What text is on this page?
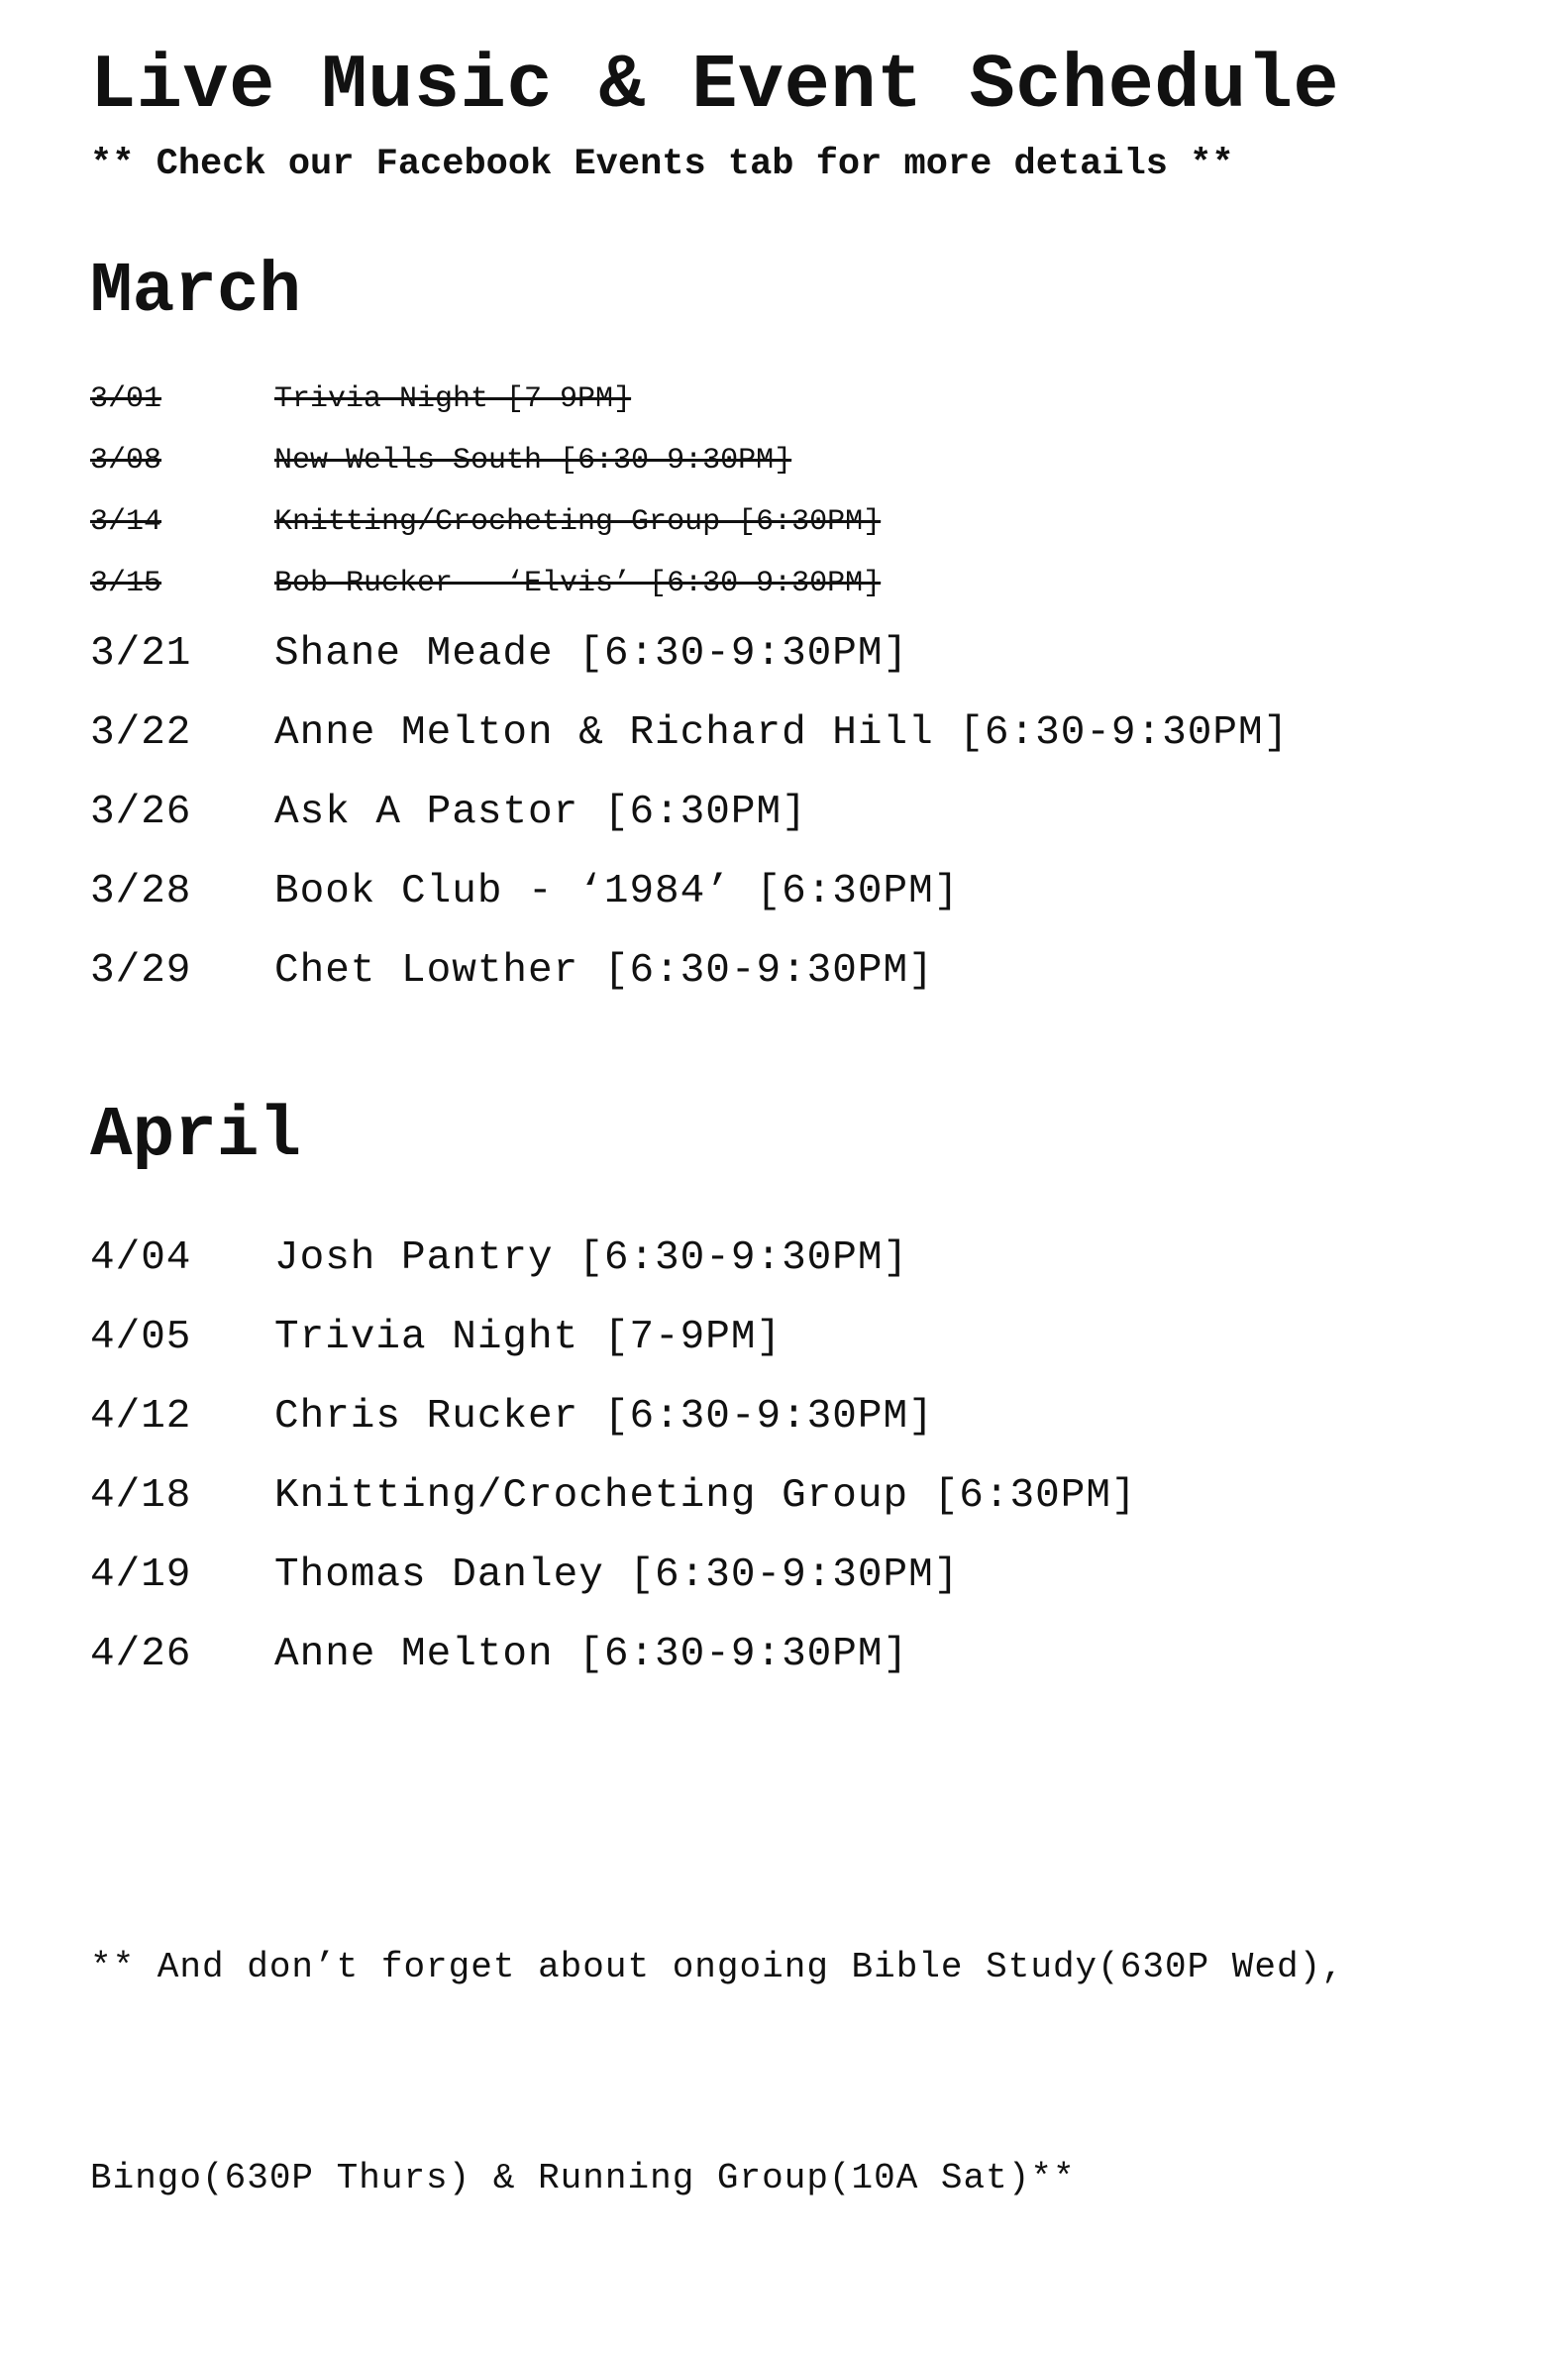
Live Music & Event Schedule

** Check our Facebook Events tab for more details **

March
3/01	Trivia Night [7-9PM]
3/08	New Wells South [6:30-9:30PM]
3/14	Knitting/Crocheting Group [6:30PM]
3/15	Bob Rucker - ‘Elvis’ [6:30-9:30PM]
3/21	Shane Meade [6:30-9:30PM]
3/22	Anne Melton & Richard Hill [6:30-9:30PM]
3/26	Ask A Pastor [6:30PM]
3/28	Book Club - ‘1984’ [6:30PM]
3/29	Chet Lowther [6:30-9:30PM]
April
4/04	Josh Pantry [6:30-9:30PM]
4/05	Trivia Night [7-9PM]
4/12	Chris Rucker [6:30-9:30PM]
4/18	Knitting/Crocheting Group [6:30PM]
4/19	Thomas Danley [6:30-9:30PM]
4/26	Anne Melton [6:30-9:30PM]

** And don’t forget about ongoing Bible Study(630P Wed),

Bingo(630P Thurs) & Running Group(10A Sat)**
